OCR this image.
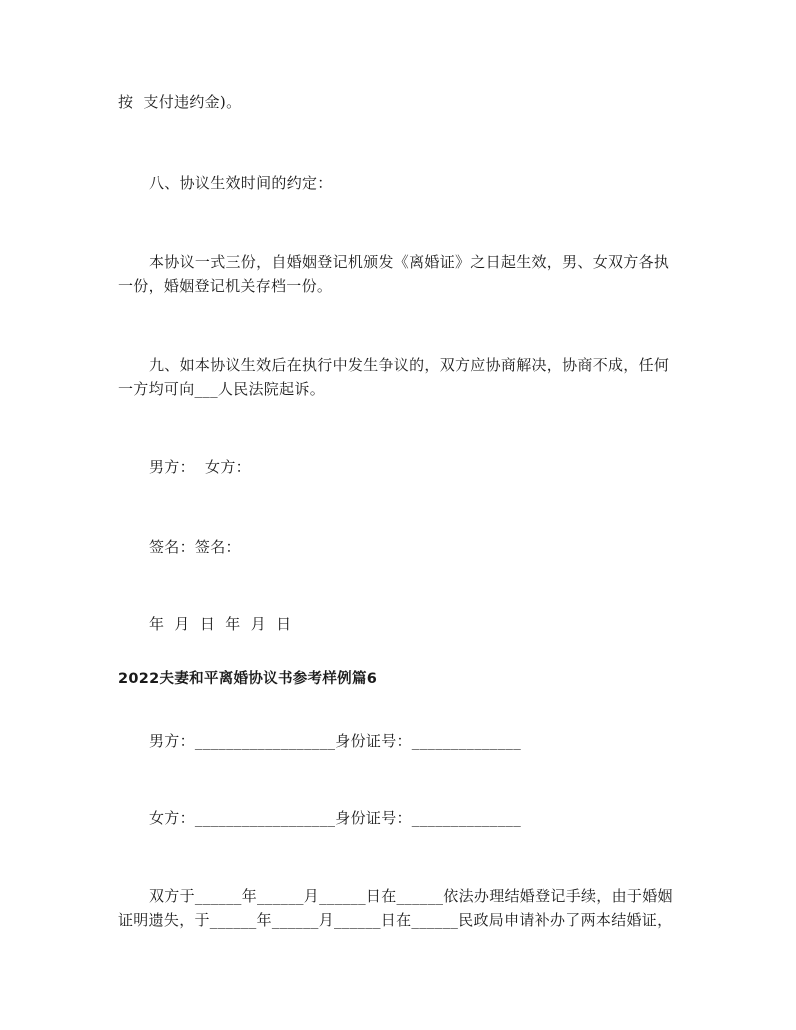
按  支付违约金)。
八、协议生效时间的约定：
本协议一式三份，自婚姻登记机颁发《离婚证》之日起生效，男、女双方各执
一份，婚姻登记机关存档一份。
九、如本协议生效后在执行中发生争议的，双方应协商解决，协商不成，任何
一方均可向___人民法院起诉。
男方：  女方：
签名：签名：
年  月  日  年  月  日
2022夫妻和平离婚协议书参考样例篇6
男方：__________________身份证号：______________
女方：__________________身份证号：______________
双方于______年______月______日在______依法办理结婚登记手续，由于婚姻
证明遗失，于______年______月______日在______民政局申请补办了两本结婚证，
